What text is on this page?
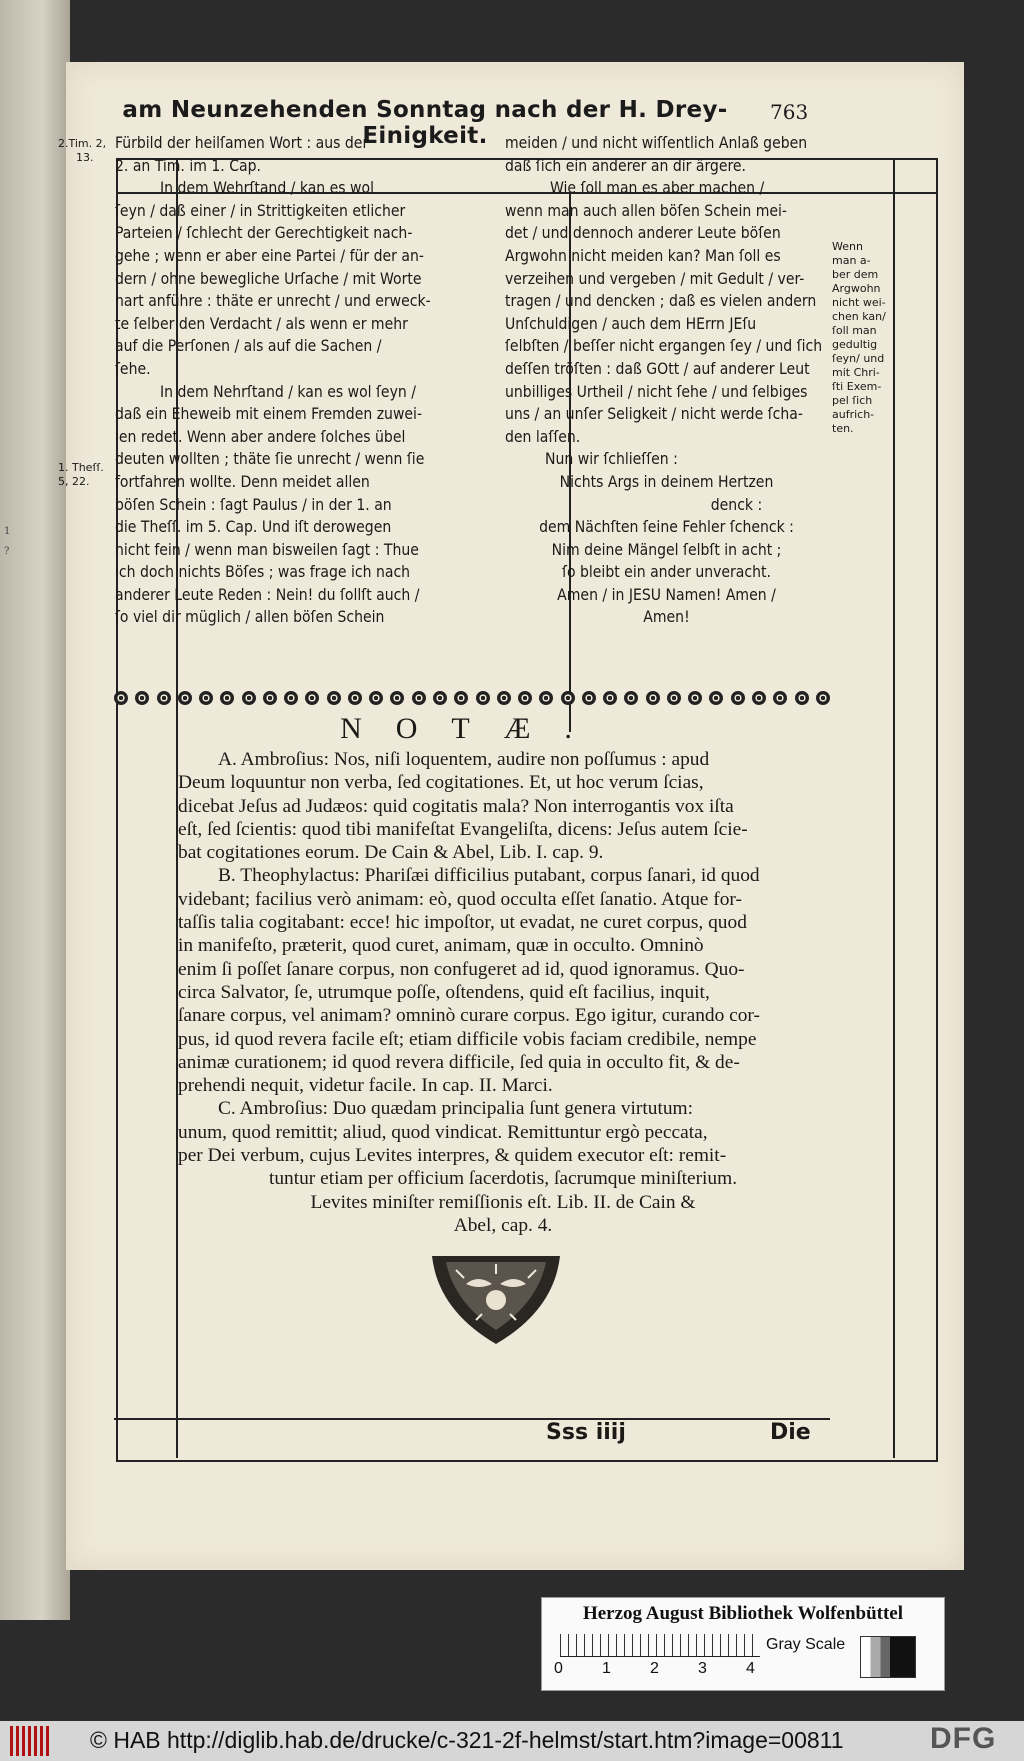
1
?
am Neunzehenden Sonntag nach der H. Drey-Einigkeit.
763
2.Tim. 2,
13.
1. Theſſ.
5, 22.
Fürbild der heilſamen Wort : aus der
2. an Tim. im 1. Cap.
In dem Wehrſtand / kan es wol
ſeyn / daß einer / in Strittigkeiten etlicher
Parteien / ſchlecht der Gerechtigkeit nach-
gehe ; wenn er aber eine Partei / für der an-
dern / ohne bewegliche Urſache / mit Worte
hart anführe : thäte er unrecht / und erweck-
te ſelber den Verdacht / als wenn er mehr
auf die Perſonen / als auf die Sachen /
ſehe.
In dem Nehrſtand / kan es wol ſeyn /
daß ein Eheweib mit einem Fremden zuwei-
len redet. Wenn aber andere ſolches übel
deuten wollten ; thäte ſie unrecht / wenn ſie
fortfahren wollte. Denn meidet allen
böſen Schein : ſagt Paulus / in der 1. an
die Theſſ. im 5. Cap. Und iſt derowegen
nicht fein / wenn man bisweilen ſagt : Thue
ich doch nichts Böſes ; was frage ich nach
anderer Leute Reden : Nein! du ſollſt auch /
ſo viel dir müglich / allen böſen Schein
meiden / und nicht wiſſentlich Anlaß geben
daß ſich ein anderer an dir ärgere.
Wie ſoll man es aber machen /
wenn man auch allen böſen Schein mei-
det / und dennoch anderer Leute böſen
Argwohn nicht meiden kan? Man ſoll es
verzeihen und vergeben / mit Gedult / ver-
tragen / und dencken ; daß es vielen andern
Unſchuldigen / auch dem HErrn JEſu
ſelbſten / beſſer nicht ergangen ſey / und ſich
deſſen tröſten : daß GOtt / auf anderer Leut
unbilliges Urtheil / nicht ſehe / und ſelbiges
uns / an unſer Seligkeit / nicht werde ſcha-
den laſſen.
Nun wir ſchlieſſen :
Nichts Args in deinem Hertzen
denck :
dem Nächſten ſeine Fehler ſchenck :
Nim deine Mängel ſelbſt in acht ;
ſo bleibt ein ander unveracht.
Amen / in JESU Namen! Amen /
Amen!
Wenn
man a-
ber dem
Argwohn
nicht wei-
chen kan/
ſoll man
gedultig
ſeyn/ und
mit Chri-
ſti Exem-
pel ſich
aufrich-
ten.
NOTÆ.
A. Ambroſius: Nos, niſi loquentem, audire non poſſumus : apud
Deum loquuntur non verba, ſed cogitationes. Et, ut hoc verum ſcias,
dicebat Jeſus ad Judæos: quid cogitatis mala? Non interrogantis vox iſta
eſt, ſed ſcientis: quod tibi manifeſtat Evangeliſta, dicens: Jeſus autem ſcie-
bat cogitationes eorum. De Cain & Abel, Lib. I. cap. 9.
B. Theophylactus: Phariſæi difficilius putabant, corpus ſanari, id quod
videbant; facilius verò animam: eò, quod occulta eſſet ſanatio. Atque for-
taſſis talia cogitabant: ecce! hic impoſtor, ut evadat, ne curet corpus, quod
in manifeſto, præterit, quod curet, animam, quæ in occulto. Omninò
enim ſi poſſet ſanare corpus, non confugeret ad id, quod ignoramus. Quo-
circa Salvator, ſe, utrumque poſſe, oſtendens, quid eſt facilius, inquit,
ſanare corpus, vel animam? omninò curare corpus. Ego igitur, curando cor-
pus, id quod revera facile eſt; etiam difficile vobis faciam credibile, nempe
animæ curationem; id quod revera difficile, ſed quia in occulto fit, & de-
prehendi nequit, videtur facile. In cap. II. Marci.
C. Ambroſius: Duo quædam principalia ſunt genera virtutum:
unum, quod remittit; aliud, quod vindicat. Remittuntur ergò peccata,
per Dei verbum, cujus Levites interpres, & quidem executor eſt: remit-
tuntur etiam per officium ſacerdotis, ſacrumque miniſterium.
Levites miniſter remiſſionis eſt. Lib. II. de Cain &
Abel, cap. 4.
Sss iiij	Die
Herzog August Bibliothek Wolfenbüttel
0 1 2 3 4
Gray Scale
© HAB http://diglib.hab.de/drucke/c-321-2f-helmst/start.htm?image=00811	DFG
